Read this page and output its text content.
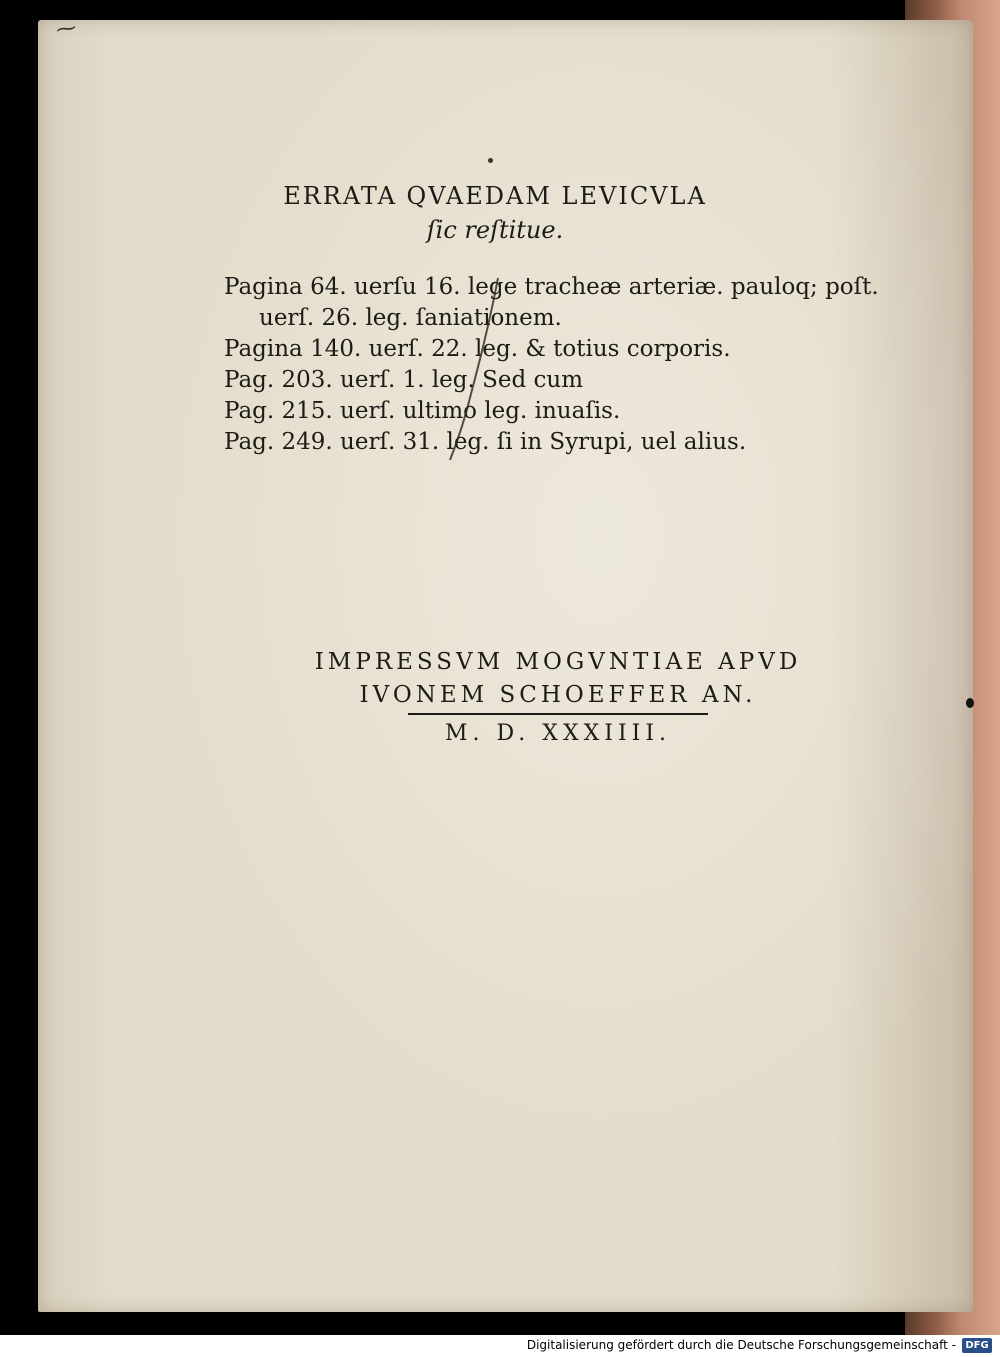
⁓
ERRATA QVAEDAM LEVICVLA
ſic reſtitue.
Pagina 64. uerſu 16. lege tracheæ arteriæ. pauloq; poſt.
uerſ. 26. leg. ſaniationem.
Pagina 140. uerſ. 22. leg. & totius corporis.
Pag. 203. uerſ. 1. leg. Sed cum
Pag. 215. uerſ. ultimo leg. inuaſis.
Pag. 249. uerſ. 31. leg. ſi in Syrupi, uel alius.
IMPRESSVM MOGVNTIAE APVD
IVONEM SCHOEFFER AN.
M. D. XXXIIII.
Digitalisierung gefördert durch die Deutsche Forschungsgemeinschaft - DFG
